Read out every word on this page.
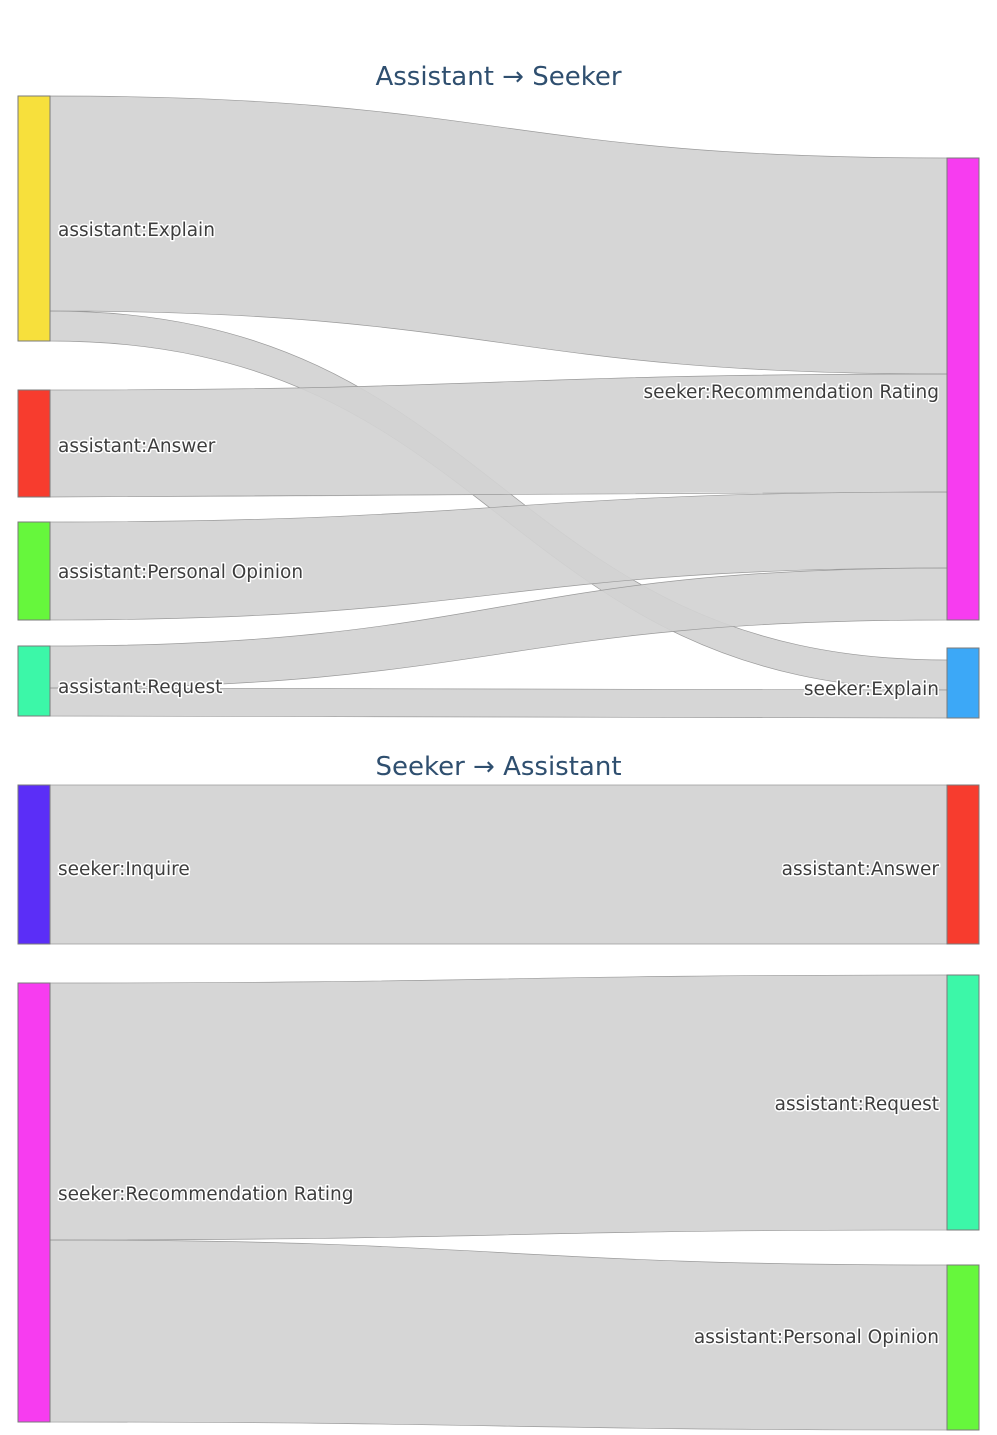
Assistant → Seeker
assistant:Explain
assistant:Answer
assistant:Personal Opinion
assistant:Request
seeker:Recommendation Rating
seeker:Explain
seeker:Inquire
seeker:Recommendation Rating
assistant:Answer
assistant:Request
assistant:Personal Opinion
Seeker → Assistant
